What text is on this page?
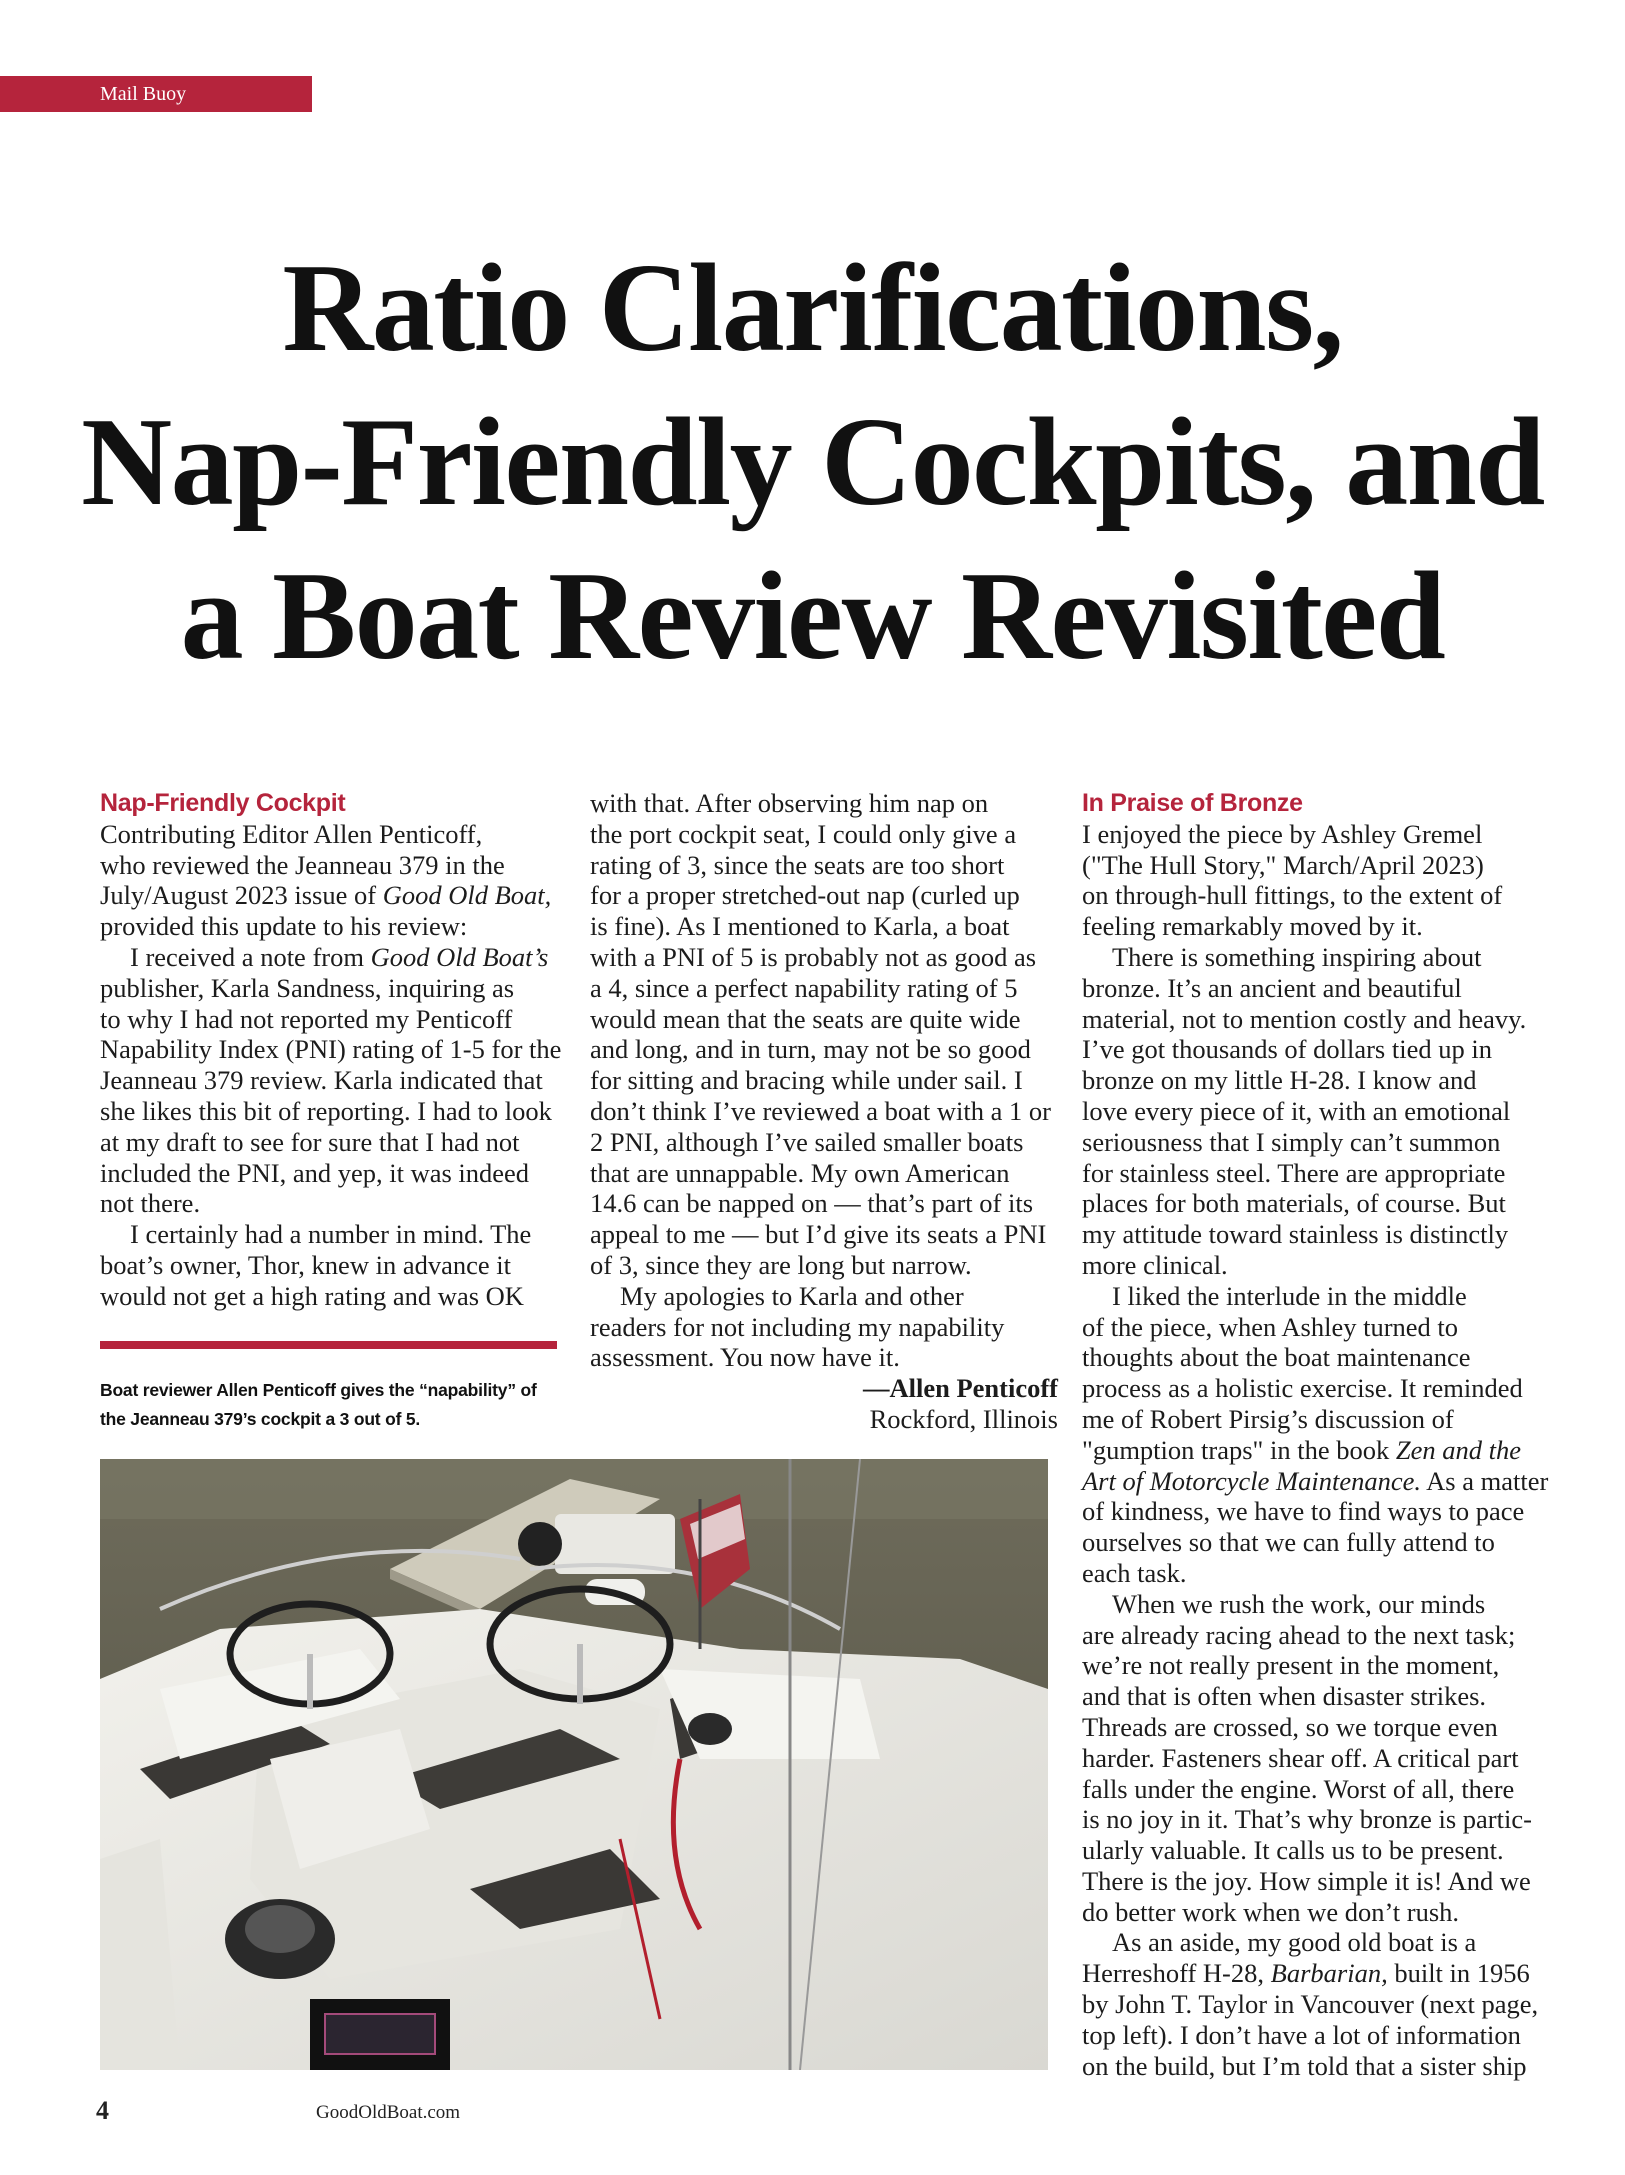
Mail Buoy
Ratio Clarifications,
Nap-Friendly Cockpits, and
a Boat Review Revisited

Nap-Friendly Cockpit

Contributing Editor Allen Penticoff,

who reviewed the Jeanneau 379 in the

July/August 2023 issue of Good Old Boat,

provided this update to his review:

I received a note from Good Old Boat’s

publisher, Karla Sandness, inquiring as

to why I had not reported my Penticoff

Napability Index (PNI) rating of 1-5 for the

Jeanneau 379 review. Karla indicated that

she likes this bit of reporting. I had to look

at my draft to see for sure that I had not

included the PNI, and yep, it was indeed

not there.

I certainly had a number in mind. The

boat’s owner, Thor, knew in advance it

would not get a high rating and was OK

Boat reviewer Allen Penticoff gives the “napability” of
the Jeanneau 379’s cockpit a 3 out of 5.

with that. After observing him nap on

the port cockpit seat, I could only give a

rating of 3, since the seats are too short

for a proper stretched-out nap (curled up

is fine). As I mentioned to Karla, a boat

with a PNI of 5 is probably not as good as

a 4, since a perfect napability rating of 5

would mean that the seats are quite wide

and long, and in turn, may not be so good

for sitting and bracing while under sail. I

don’t think I’ve reviewed a boat with a 1 or

2 PNI, although I’ve sailed smaller boats

that are unnappable. My own American

14.6 can be napped on — that’s part of its

appeal to me — but I’d give its seats a PNI

of 3, since they are long but narrow.

My apologies to Karla and other

readers for not including my napability

assessment. You now have it.

—Allen Penticoff

Rockford, Illinois

In Praise of Bronze

I enjoyed the piece by Ashley Gremel

("The Hull Story," March/April 2023)

on through-hull fittings, to the extent of

feeling remarkably moved by it.

There is something inspiring about

bronze. It’s an ancient and beautiful

material, not to mention costly and heavy.

I’ve got thousands of dollars tied up in

bronze on my little H-28. I know and

love every piece of it, with an emotional

seriousness that I simply can’t summon

for stainless steel. There are appropriate

places for both materials, of course. But

my attitude toward stainless is distinctly

more clinical.

I liked the interlude in the middle

of the piece, when Ashley turned to

thoughts about the boat maintenance

process as a holistic exercise. It reminded

me of Robert Pirsig’s discussion of

"gumption traps" in the book Zen and the

Art of Motorcycle Maintenance. As a matter

of kindness, we have to find ways to pace

ourselves so that we can fully attend to

each task.

When we rush the work, our minds

are already racing ahead to the next task;

we’re not really present in the moment,

and that is often when disaster strikes.

Threads are crossed, so we torque even

harder. Fasteners shear off. A critical part

falls under the engine. Worst of all, there

is no joy in it. That’s why bronze is partic-

ularly valuable. It calls us to be present.

There is the joy. How simple it is! And we

do better work when we don’t rush.

As an aside, my good old boat is a

Herreshoff H-28, Barbarian, built in 1956

by John T. Taylor in Vancouver (next page,

top left). I don’t have a lot of information

on the build, but I’m told that a sister ship

4	GoodOldBoat.com
